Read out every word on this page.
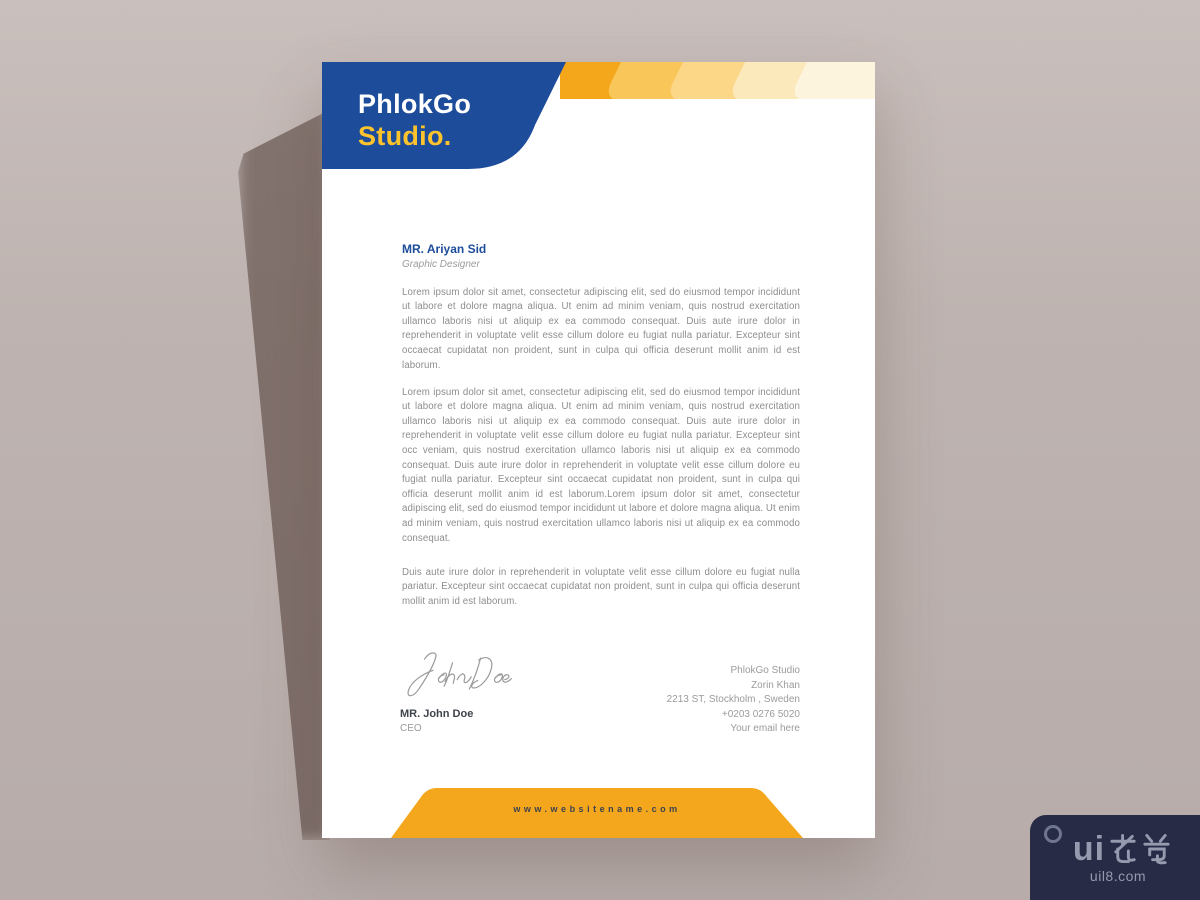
PhlokGo
Studio.
MR. Ariyan Sid
Graphic Designer

Lorem ipsum dolor sit amet, consectetur adipiscing elit, sed do eiusmod tempor incididunt ut labore et dolore magna aliqua. Ut enim ad minim veniam, quis nostrud exercitation ullamco laboris nisi ut aliquip ex ea commodo consequat. Duis aute irure dolor in reprehenderit in voluptate velit esse cillum dolore eu fugiat nulla pariatur. Excepteur sint occaecat cupidatat non proident, sunt in culpa qui officia deserunt mollit anim id est laborum.

Lorem ipsum dolor sit amet, consectetur adipiscing elit, sed do eiusmod tempor incididunt ut labore et dolore magna aliqua. Ut enim ad minim veniam, quis nostrud exercitation ullamco laboris nisi ut aliquip ex ea commodo consequat. Duis aute irure dolor in reprehenderit in voluptate velit esse cillum dolore eu fugiat nulla pariatur. Excepteur sint occ veniam, quis nostrud exercitation ullamco laboris nisi ut aliquip ex ea commodo consequat. Duis aute irure dolor in reprehenderit in voluptate velit esse cillum dolore eu fugiat nulla pariatur. Excepteur sint occaecat cupidatat non proident, sunt in culpa qui officia deserunt mollit anim id est laborum.Lorem ipsum dolor sit amet, consectetur adipiscing elit, sed do eiusmod tempor incididunt ut labore et dolore magna aliqua. Ut enim ad minim veniam, quis nostrud exercitation ullamco laboris nisi ut aliquip ex ea commodo consequat.

Duis aute irure dolor in reprehenderit in voluptate velit esse cillum dolore eu fugiat nulla pariatur. Excepteur sint occaecat cupidatat non proident, sunt in culpa qui officia deserunt mollit anim id est laborum.

MR. John Doe
CEO
PhlokGo Studio
Zorin Khan
2213 ST, Stockholm , Sweden
+0203 0276 5020
Your email here
www.websitename.com
ui
uil8.com
